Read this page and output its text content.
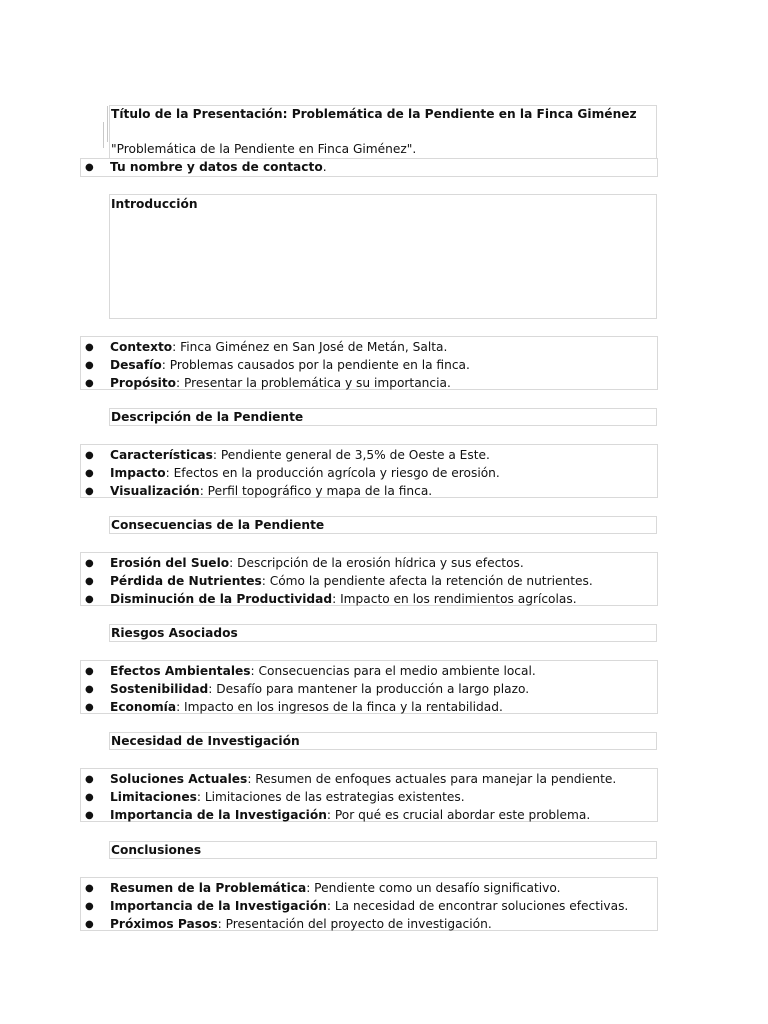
Título de la Presentación: Problemática de la Pendiente en la Finca Giménez
"Problemática de la Pendiente en Finca Giménez".
● Tu nombre y datos de contacto.
Introducción
● Contexto: Finca Giménez en San José de Metán, Salta.
● Desafío: Problemas causados por la pendiente en la finca.
● Propósito: Presentar la problemática y su importancia.
Descripción de la Pendiente
● Características: Pendiente general de 3,5% de Oeste a Este.
● Impacto: Efectos en la producción agrícola y riesgo de erosión.
● Visualización: Perfil topográfico y mapa de la finca.
Consecuencias de la Pendiente
● Erosión del Suelo: Descripción de la erosión hídrica y sus efectos.
● Pérdida de Nutrientes: Cómo la pendiente afecta la retención de nutrientes.
● Disminución de la Productividad: Impacto en los rendimientos agrícolas.
Riesgos Asociados
● Efectos Ambientales: Consecuencias para el medio ambiente local.
● Sostenibilidad: Desafío para mantener la producción a largo plazo.
● Economía: Impacto en los ingresos de la finca y la rentabilidad.
Necesidad de Investigación
● Soluciones Actuales: Resumen de enfoques actuales para manejar la pendiente.
● Limitaciones: Limitaciones de las estrategias existentes.
● Importancia de la Investigación: Por qué es crucial abordar este problema.
Conclusiones
● Resumen de la Problemática: Pendiente como un desafío significativo.
● Importancia de la Investigación: La necesidad de encontrar soluciones efectivas.
● Próximos Pasos: Presentación del proyecto de investigación.
